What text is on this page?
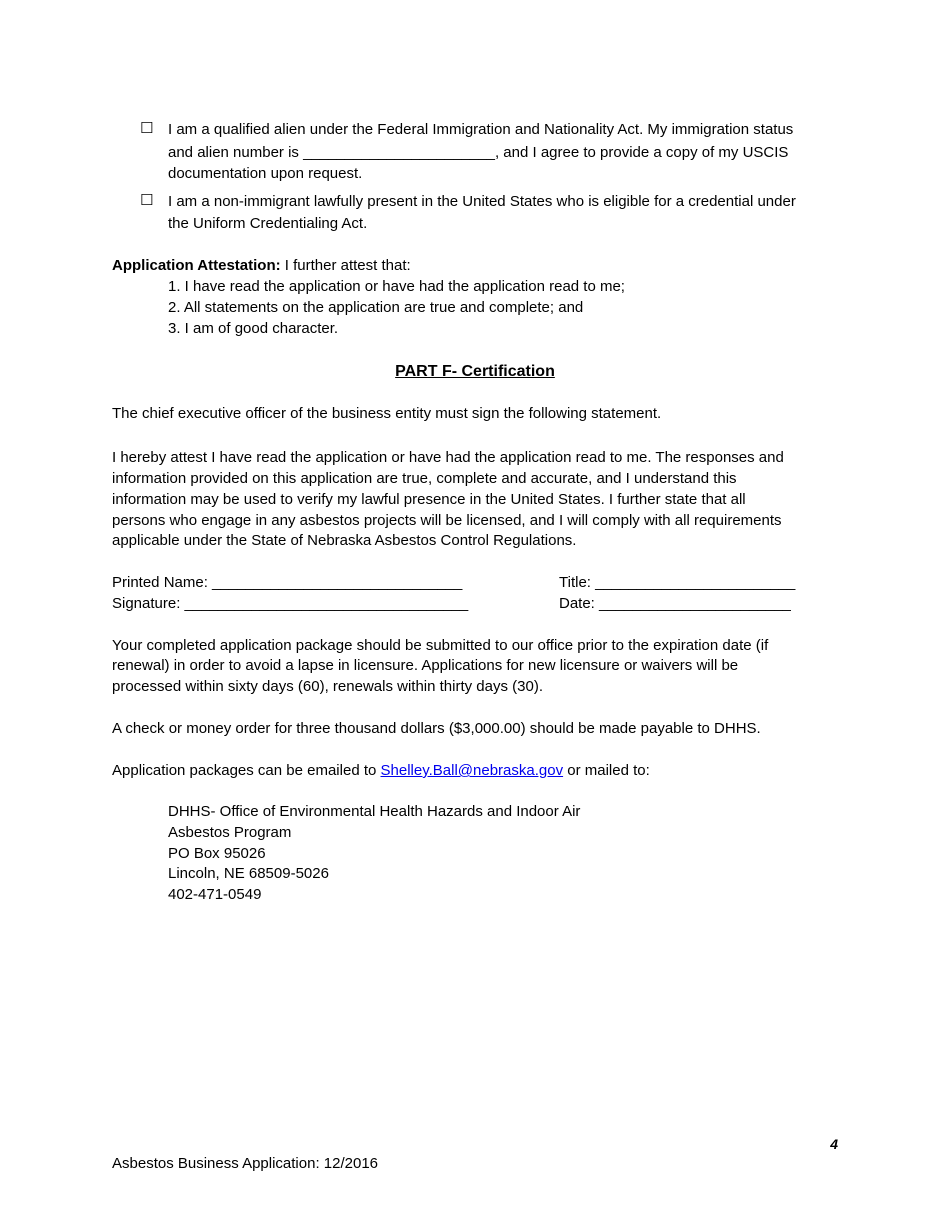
☐ I am a qualified alien under the Federal Immigration and Nationality Act. My immigration status
and alien number is _______________________, and I agree to provide a copy of my USCIS
documentation upon request.
☐ I am a non-immigrant lawfully present in the United States who is eligible for a credential under
the Uniform Credentialing Act.
Application Attestation: I further attest that:
1. I have read the application or have had the application read to me;
2. All statements on the application are true and complete; and
3. I am of good character.
PART F- Certification
The chief executive officer of the business entity must sign the following statement.
I hereby attest I have read the application or have had the application read to me. The responses and
information provided on this application are true, complete and accurate, and I understand this
information may be used to verify my lawful presence in the United States. I further state that all
persons who engage in any asbestos projects will be licensed, and I will comply with all requirements
applicable under the State of Nebraska Asbestos Control Regulations.
Printed Name: ______________________________
Signature: __________________________________
Title: ________________________
Date: _______________________
Your completed application package should be submitted to our office prior to the expiration date (if
renewal) in order to avoid a lapse in licensure. Applications for new licensure or waivers will be
processed within sixty days (60), renewals within thirty days (30).
A check or money order for three thousand dollars ($3,000.00) should be made payable to DHHS.
Application packages can be emailed to Shelley.Ball@nebraska.gov or mailed to:
DHHS- Office of Environmental Health Hazards and Indoor Air
Asbestos Program
PO Box 95026
Lincoln, NE 68509-5026
402-471-0549
4
Asbestos Business Application: 12/2016
